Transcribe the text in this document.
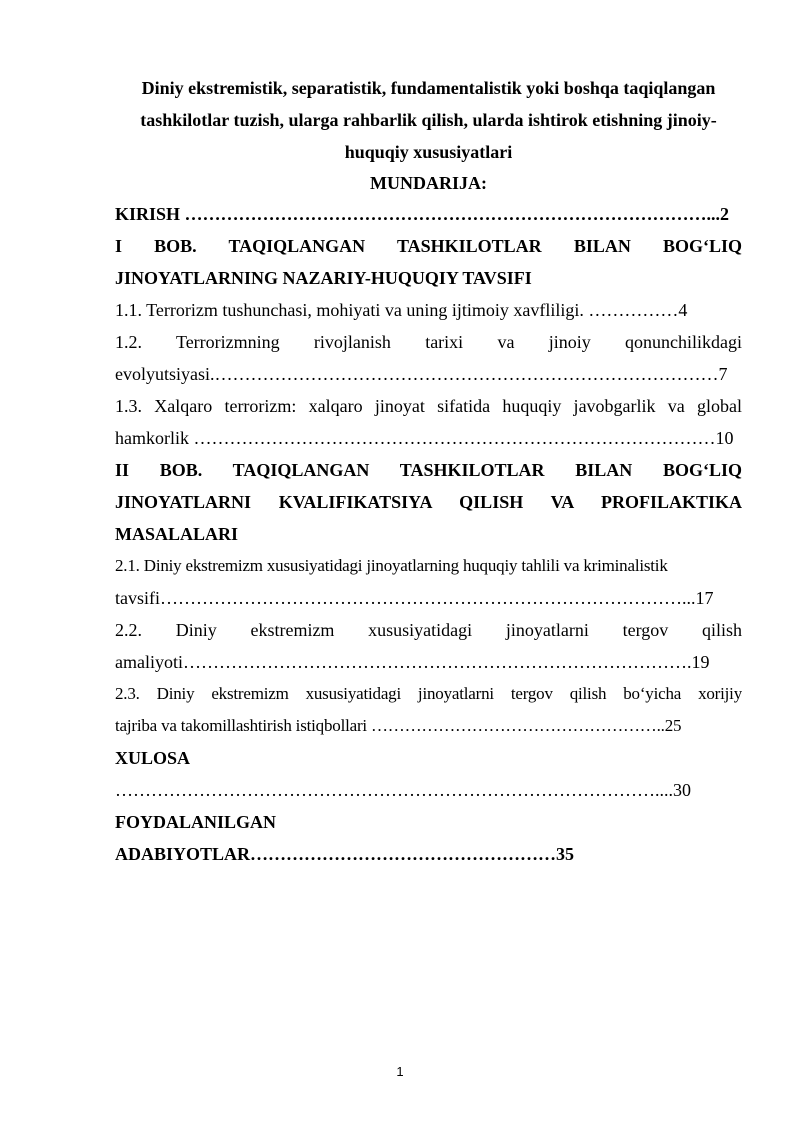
Diniy ekstremistik, separatistik, fundamentalistik yoki boshqa taqiqlangan

tashkilotlar tuzish, ularga rahbarlik qilish, ularda ishtirok etishning jinoiy-

huquqiy xususiyatlari

MUNDARIJA:

KIRISH ……………………………………………………………………………...2

I BOB. TAQIQLANGAN TASHKILOTLAR BILAN BOG‘LIQ

JINOYATLARNING NAZARIY-HUQUQIY TAVSIFI

1.1. Terrorizm tushunchasi, mohiyati va uning ijtimoiy xavfliligi. ……………4

1.2. Terrorizmning rivojlanish tarixi va jinoiy qonunchilikdagi

evolyutsiyasi.…………………………………………………………………………7

1.3. Xalqaro terrorizm: xalqaro jinoyat sifatida huquqiy javobgarlik va global

hamkorlik ……………………………………………………………………………10

II BOB. TAQIQLANGAN TASHKILOTLAR BILAN BOG‘LIQ

JINOYATLARNI KVALIFIKATSIYA QILISH VA PROFILAKTIKA

MASALALARI

2.1. Diniy ekstremizm xususiyatidagi jinoyatlarning huquqiy tahlili va kriminalistik

tavsifi……………………………………………………………………………...17

2.2. Diniy ekstremizm xususiyatidagi jinoyatlarni tergov qilish

amaliyoti………………………………………………………………………….19

2.3. Diniy ekstremizm xususiyatidagi jinoyatlarni tergov qilish bo‘yicha xorijiy

tajriba va takomillashtirish istiqbollari ……………………………………………..25

XULOSA

………………………………………………………………………………....30

FOYDALANILGAN

ADABIYOTLAR……………………………………………35

1
